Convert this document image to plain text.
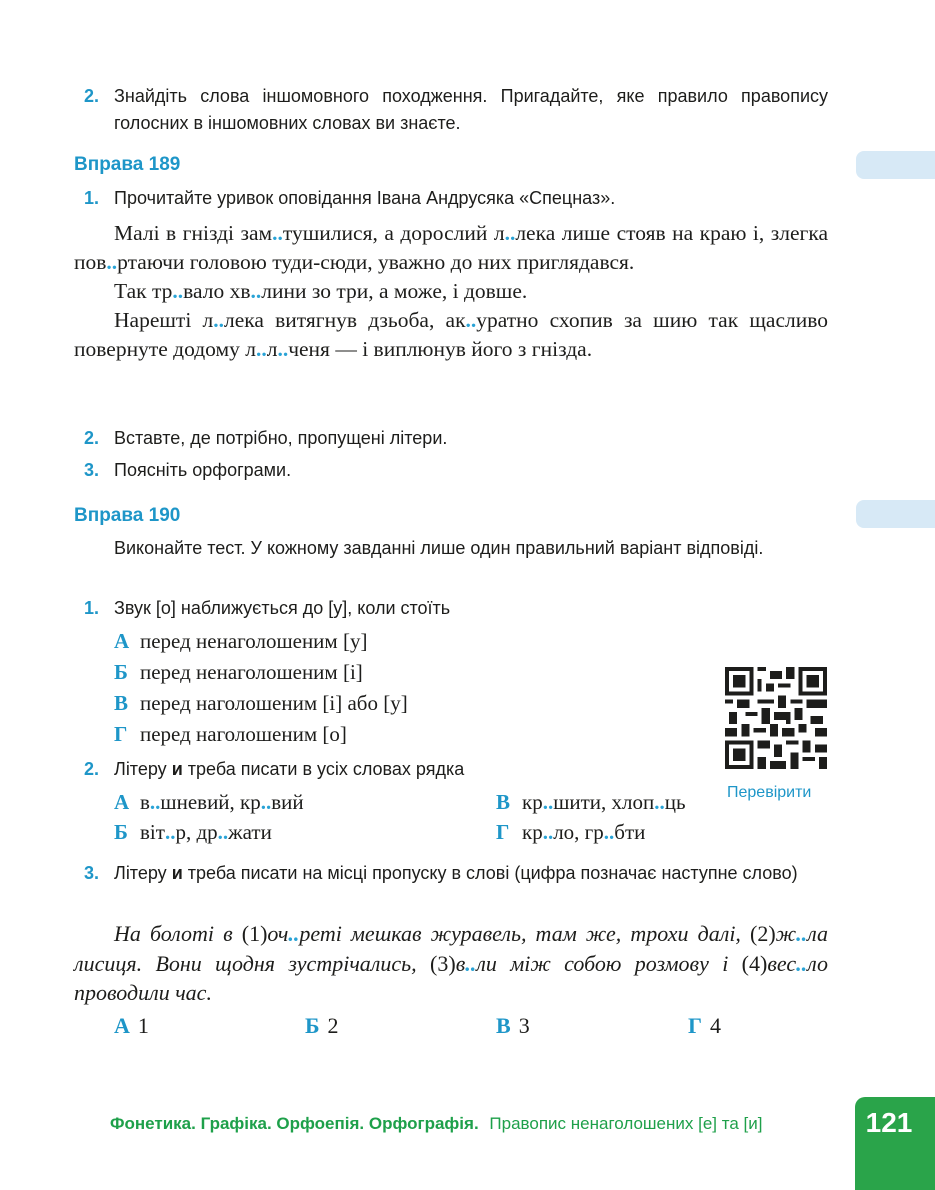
2. Знайдіть слова іншомовного походження. Пригадайте, яке правило правопису голосних в іншомовних словах ви знаєте.
Вправа 189
1. Прочитайте уривок оповідання Івана Андрусяка «Спецназ».

Малі в гнізді зам..тушилися, а дорослий л..лека лише стояв на краю і, злегка пов..ртаючи головою туди-сюди, уважно до них приглядався.

Так тр..вало хв..лини зо три, а може, і довше.

Нарешті л..лека витягнув дзьоба, ак..уратно схопив за шию так щасливо повернуте додому л..л..ченя — і виплюнув його з гнізда.

2. Вставте, де потрібно, пропущені літери.
3. Поясніть орфограми.
Вправа 190
Виконайте тест. У кожному завданні лише один правильний варіант відповіді.
1. Звук [о] наближується до [у], коли стоїть
А перед ненаголошеним [у]
Б перед ненаголошеним [і]
В перед наголошеним [і] або [у]
Г перед наголошеним [о]
2. Літеру и треба писати в усіх словах рядка
А в..шневий, кр..вий	В кр..шити, хлоп..ць
Б віт..р, др..жати	Г кр..ло, гр..бти
Перевірити
3. Літеру и треба писати на місці пропуску в слові (цифра позначає наступне слово)

На болоті в (1)оч..реті мешкав журавель, там же, трохи далі, (2)ж..ла лисиця. Вони щодня зустрічались, (3)в..ли між собою розмову і (4)вес..ло проводили час.

А 1	Б 2	В 3	Г 4
Фонетика. Графіка. Орфоепія. Орфографія. Правопис ненаголошених [е] та [и]	121
